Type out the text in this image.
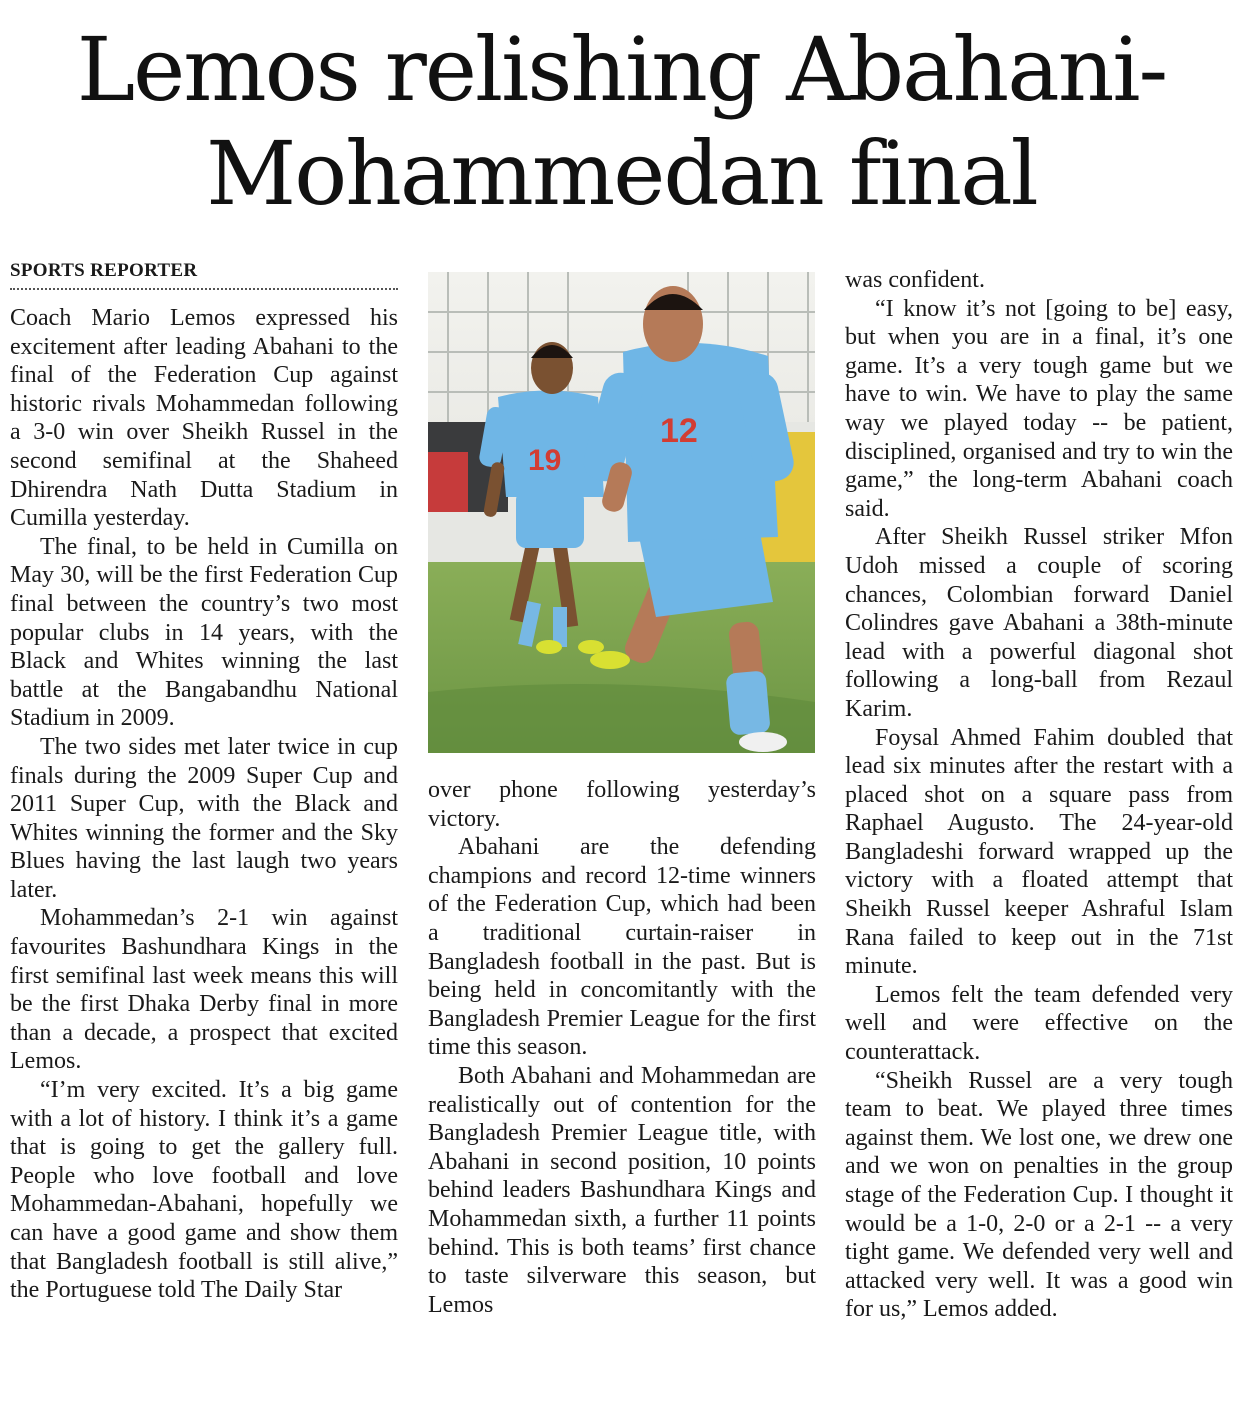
Lemos relishing Abahani-
Mohammedan final
SPORTS REPORTER

Coach Mario Lemos expressed his excitement after leading Abahani to the final of the Federation Cup against historic rivals Mohammedan following a 3-0 win over Sheikh Russel in the second semifinal at the Shaheed Dhirendra Nath Dutta Stadium in Cumilla yesterday.

The final, to be held in Cumilla on May 30, will be the first Federation Cup final between the country’s two most popular clubs in 14 years, with the Black and Whites winning the last battle at the Bangabandhu National Stadium in 2009.

The two sides met later twice in cup finals during the 2009 Super Cup and 2011 Super Cup, with the Black and Whites winning the former and the Sky Blues having the last laugh two years later.

Mohammedan’s 2-1 win against favourites Bashundhara Kings in the first semifinal last week means this will be the first Dhaka Derby final in more than a decade, a prospect that excited Lemos.

“I’m very excited. It’s a big game with a lot of history. I think it’s a game that is going to get the gallery full. People who love football and love Mohammedan-Abahani, hopefully we can have a good game and show them that Bangladesh football is still alive,” the Portuguese told The Daily Star

19
12

over phone following yesterday’s victory.

Abahani are the defending champions and record 12-time winners of the Federation Cup, which had been a traditional curtain-raiser in Bangladesh football in the past. But is being held in concomitantly with the Bangladesh Premier League for the first time this season.

Both Abahani and Mohammedan are realistically out of contention for the Bangladesh Premier League title, with Abahani in second position, 10 points behind leaders Bashundhara Kings and Mohammedan sixth, a further 11 points behind. This is both teams’ first chance to taste silverware this season, but Lemos

was confident.

“I know it’s not [going to be] easy, but when you are in a final, it’s one game. It’s a very tough game but we have to win. We have to play the same way we played today -- be patient, disciplined, organised and try to win the game,” the long-term Abahani coach said.

After Sheikh Russel striker Mfon Udoh missed a couple of scoring chances, Colombian forward Daniel Colindres gave Abahani a 38th-minute lead with a powerful diagonal shot following a long-ball from Rezaul Karim.

Foysal Ahmed Fahim doubled that lead six minutes after the restart with a placed shot on a square pass from Raphael Augusto. The 24-year-old Bangladeshi forward wrapped up the victory with a floated attempt that Sheikh Russel keeper Ashraful Islam Rana failed to keep out in the 71st minute.

Lemos felt the team defended very well and were effective on the counterattack.

“Sheikh Russel are a very tough team to beat. We played three times against them. We lost one, we drew one and we won on penalties in the group stage of the Federation Cup. I thought it would be a 1-0, 2-0 or a 2-1 -- a very tight game. We defended very well and attacked very well. It was a good win for us,” Lemos added.
